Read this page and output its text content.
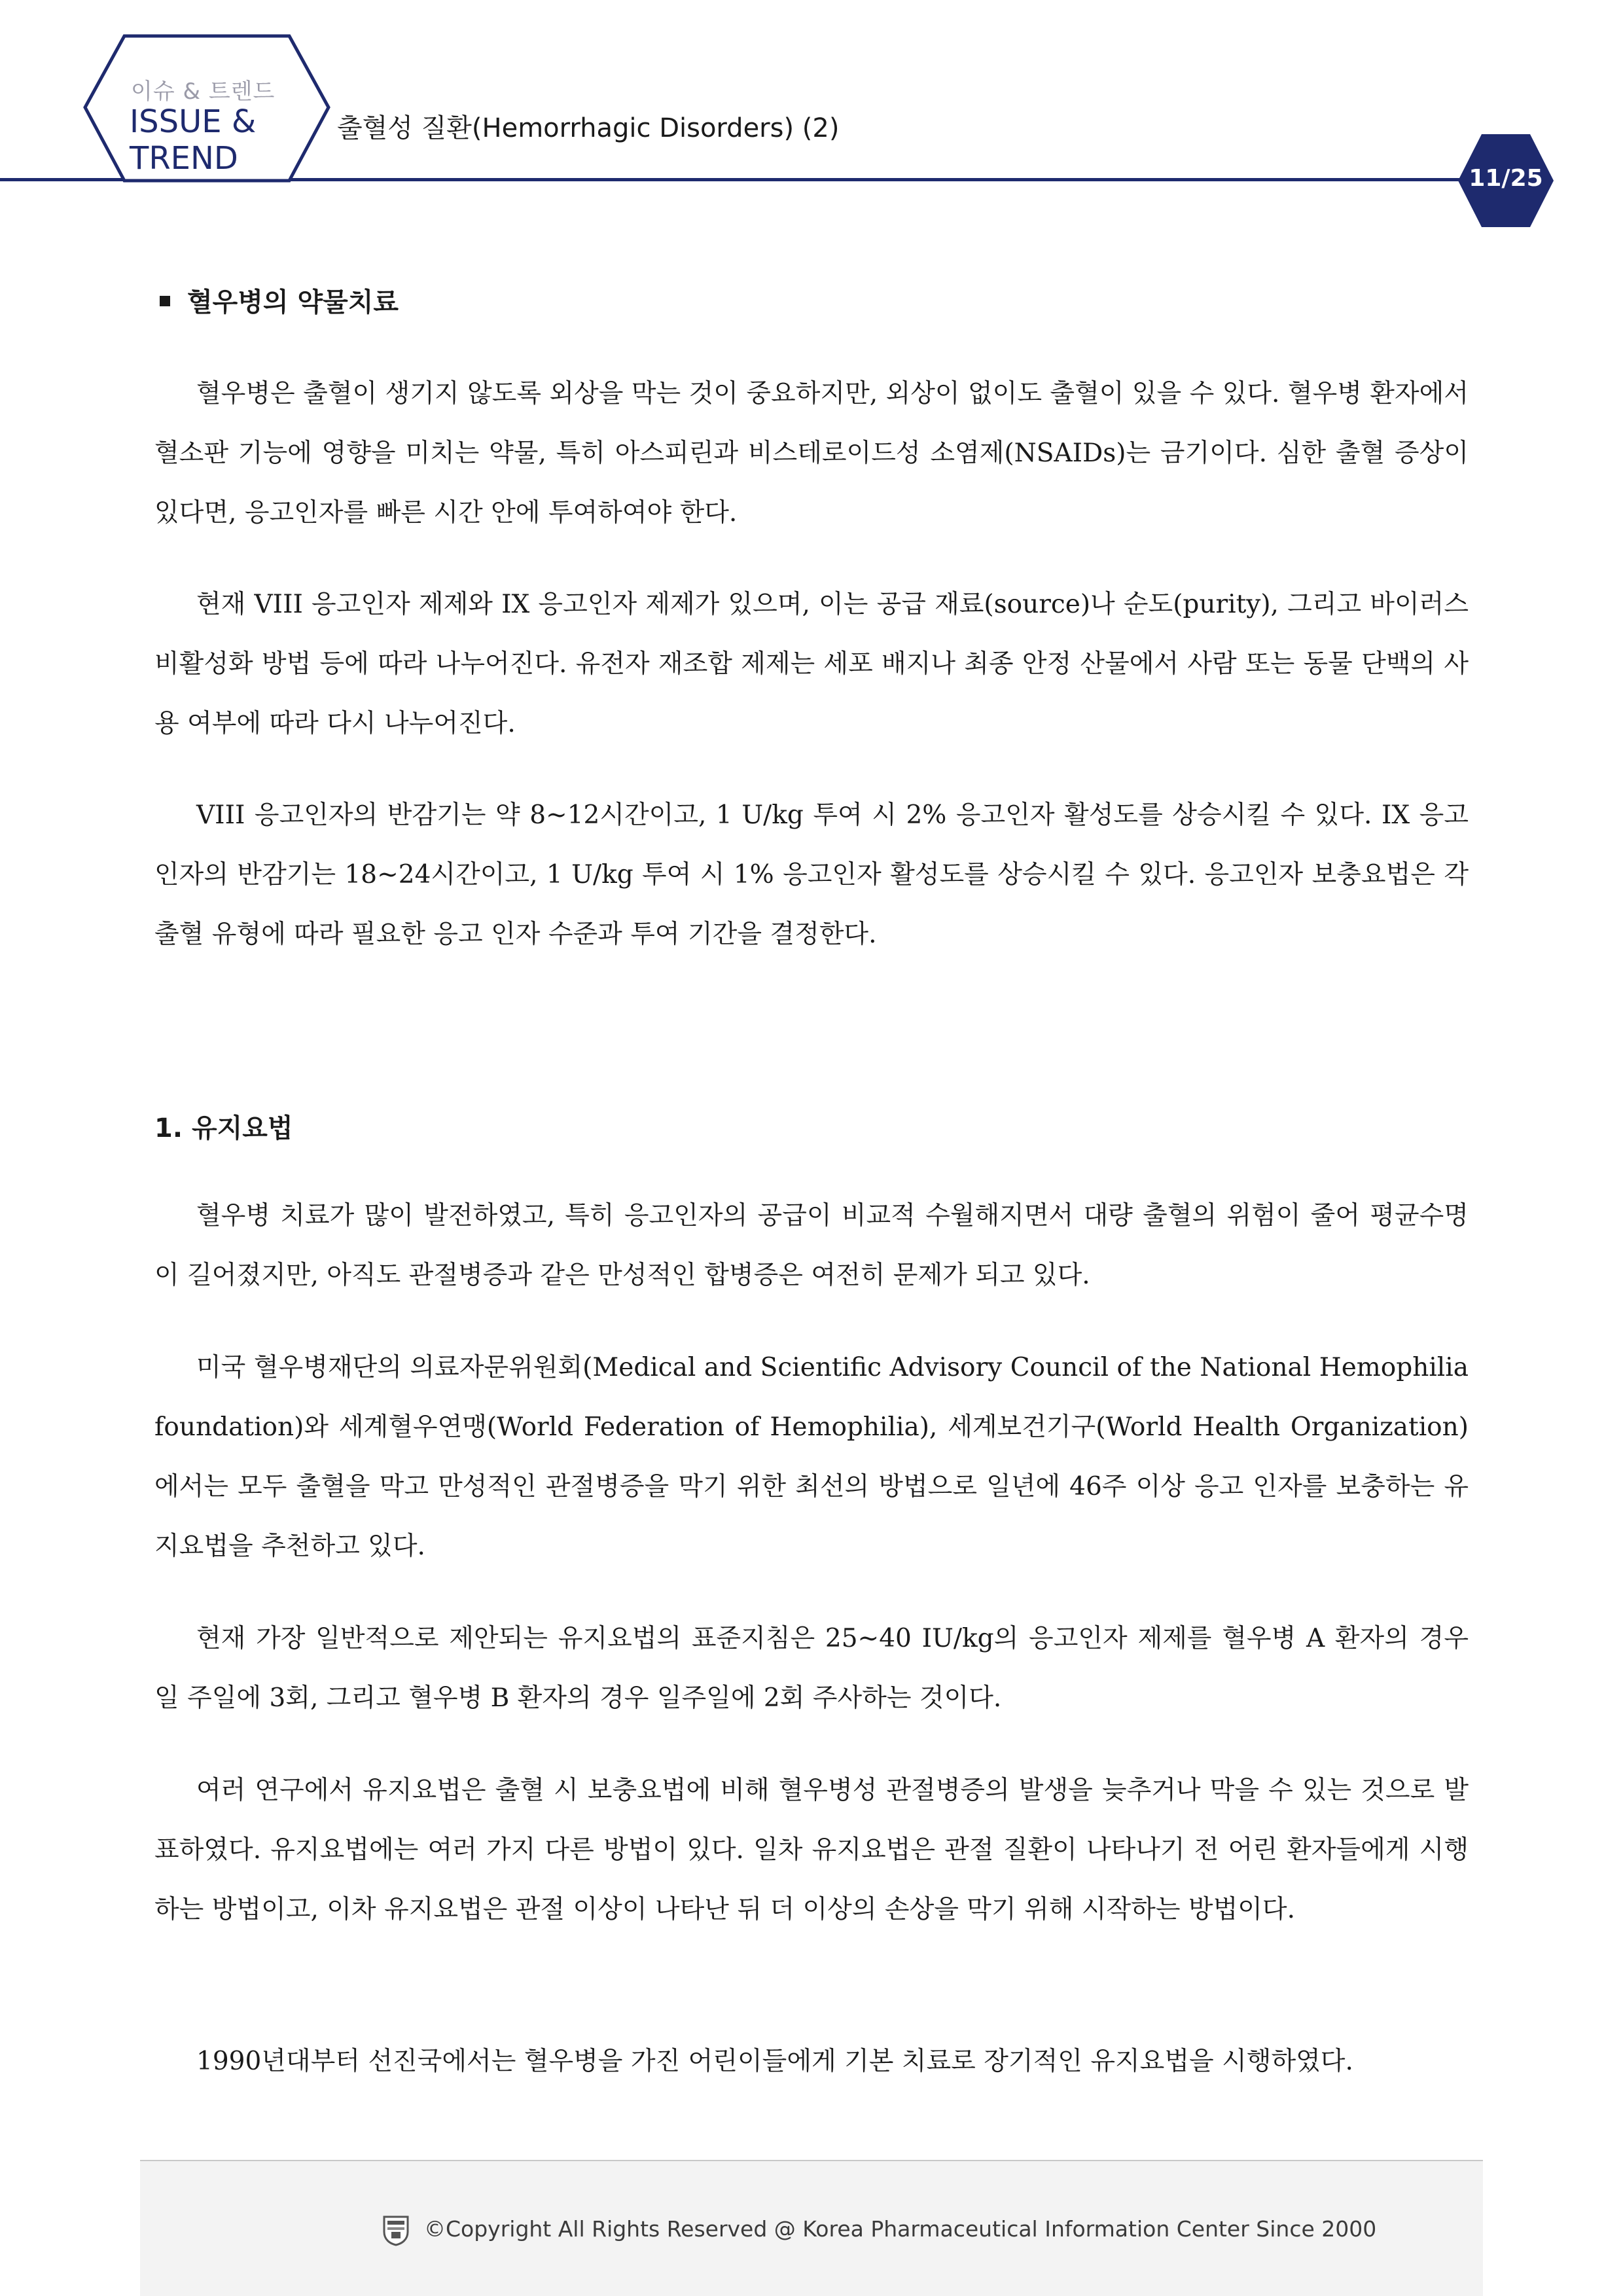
이슈 & 트렌드
ISSUE &
TREND
출혈성 질환(Hemorrhagic Disorders) (2)
11/25
혈우병의 약물치료
혈우병은 출혈이 생기지 않도록 외상을 막는 것이 중요하지만, 외상이 없이도 출혈이 있을 수 있다. 혈우병 환자에서 혈소판 기능에 영향을 미치는 약물, 특히 아스피린과 비스테로이드성 소염제(NSAIDs)는 금기이다. 심한 출혈 증상이 있다면, 응고인자를 빠른 시간 안에 투여하여야 한다.
현재 VIII 응고인자 제제와 IX 응고인자 제제가 있으며, 이는 공급 재료(source)나 순도(purity), 그리고 바이러스 비활성화 방법 등에 따라 나누어진다. 유전자 재조합 제제는 세포 배지나 최종 안정 산물에서 사람 또는 동물 단백의 사용 여부에 따라 다시 나누어진다.
VIII 응고인자의 반감기는 약 8~12시간이고, 1 U/kg 투여 시 2% 응고인자 활성도를 상승시킬 수 있다. IX 응고인자의 반감기는 18~24시간이고, 1 U/kg 투여 시 1% 응고인자 활성도를 상승시킬 수 있다. 응고인자 보충요법은 각 출혈 유형에 따라 필요한 응고 인자 수준과 투여 기간을 결정한다.
1. 유지요법
혈우병 치료가 많이 발전하였고, 특히 응고인자의 공급이 비교적 수월해지면서 대량 출혈의 위험이 줄어 평균수명이 길어졌지만, 아직도 관절병증과 같은 만성적인 합병증은 여전히 문제가 되고 있다.
미국 혈우병재단의 의료자문위원회(Medical and Scientific Advisory Council of the National Hemophilia foundation)와 세계혈우연맹(World Federation of Hemophilia), 세계보건기구(World Health Organization)에서는 모두 출혈을 막고 만성적인 관절병증을 막기 위한 최선의 방법으로 일년에 46주 이상 응고 인자를 보충하는 유지요법을 추천하고 있다.
현재 가장 일반적으로 제안되는 유지요법의 표준지침은 25~40 IU/kg의 응고인자 제제를 혈우병 A 환자의 경우 일 주일에 3회, 그리고 혈우병 B 환자의 경우 일주일에 2회 주사하는 것이다.
여러 연구에서 유지요법은 출혈 시 보충요법에 비해 혈우병성 관절병증의 발생을 늦추거나 막을 수 있는 것으로 발표하였다. 유지요법에는 여러 가지 다른 방법이 있다. 일차 유지요법은 관절 질환이 나타나기 전 어린 환자들에게 시행하는 방법이고, 이차 유지요법은 관절 이상이 나타난 뒤 더 이상의 손상을 막기 위해 시작하는 방법이다.
1990년대부터 선진국에서는 혈우병을 가진 어린이들에게 기본 치료로 장기적인 유지요법을 시행하였다.
©Copyright All Rights Reserved @ Korea Pharmaceutical Information Center Since 2000
